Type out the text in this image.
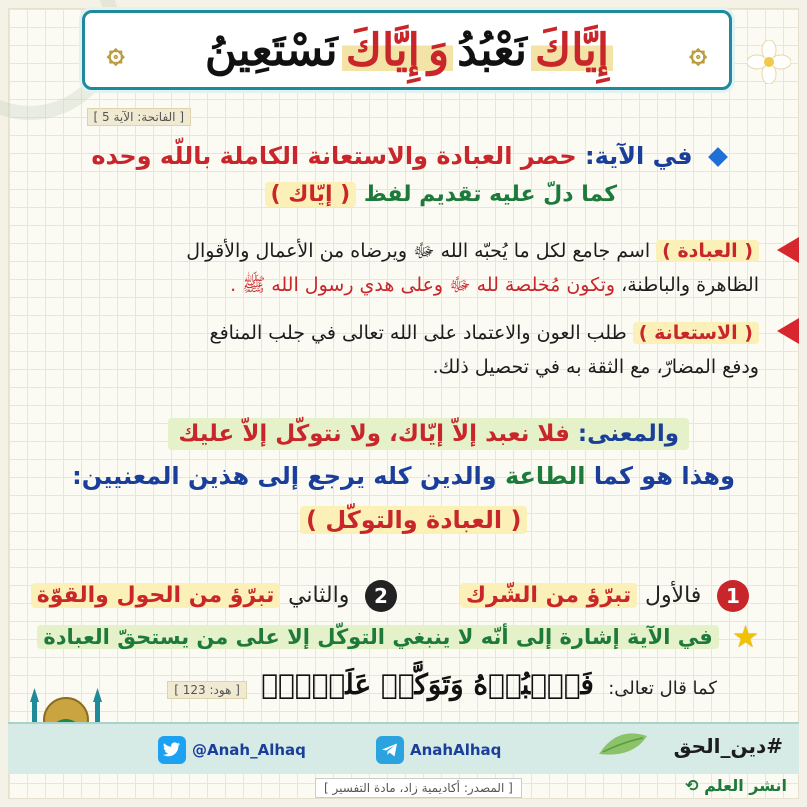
۞
إِيَّاكَ
نَعْبُدُ
وَ
إِيَّاكَ
نَسْتَعِينُ
۞
[ الفاتحة: الآية 5 ]
في الآية: حصر العبادة والاستعانة الكاملة باللّه وحده
كما دلّ عليه تقديم لفظ ( إيّاك )
( العبادة ) اسم جامع لكل ما يُحبّه الله ﷻ ويرضاه من الأعمال والأقوال
الظاهرة والباطنة، وتكون مُخلصة لله ﷻ وعلى هدي رسول الله ﷺ .
( الاستعانة ) طلب العون والاعتماد على الله تعالى في جلب المنافع
ودفع المضارّ، مع الثقة به في تحصيل ذلك.
والمعنى: فلا نعبد إلاّ إيّاك، ولا نتوكّل إلاّ عليك
وهذا هو كما الطاعة والدين كله يرجع إلى هذين المعنيين:
( العبادة والتوكّل )
1 فالأول تبرّؤ من الشّرك
2 والثاني تبرّؤ من الحول والقوّة
★ في الآية إشارة إلى أنّه لا ينبغي التوكّل إلا على من يستحقّ العبادة
كما قال تعالى: فَٱعۡبُدۡهُ وَتَوَكَّلۡ عَلَيۡهِۚ [ هود: 123 ]
@Anah_Alhaq	AnahAlhaq	#دين_الحق
[ المصدر: أكاديمية زاد، مادة التفسير ]	انشر العلم ⟲
